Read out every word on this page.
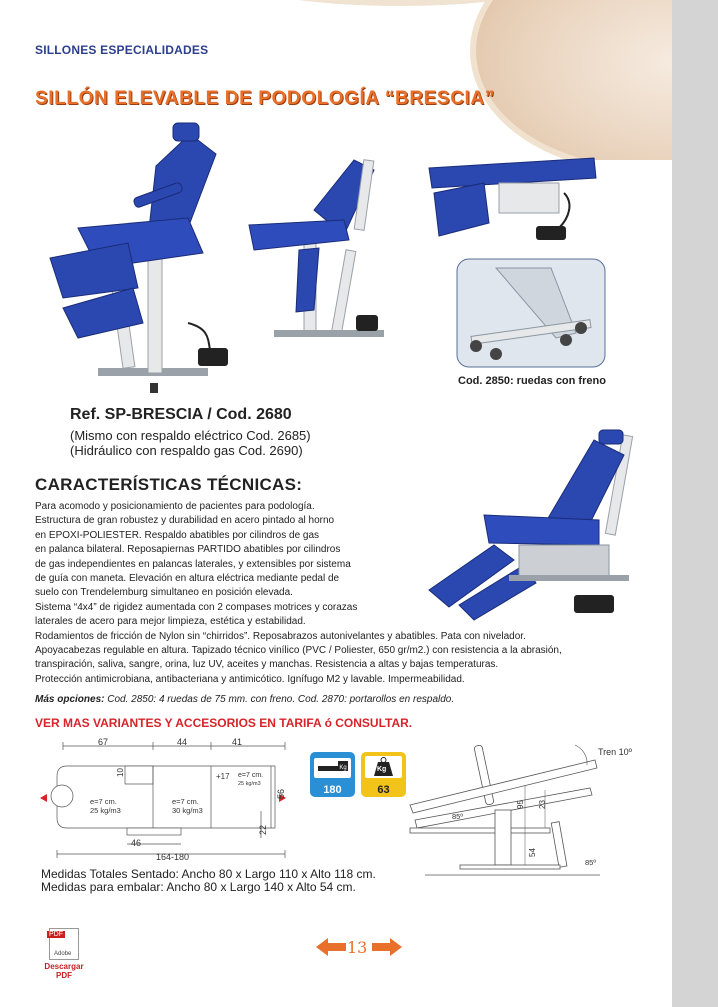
SILLONES ESPECIALIDADES
SILLÓN ELEVABLE DE PODOLOGÍA “BRESCIA”
Cod. 2850: ruedas con freno
Ref. SP-BRESCIA / Cod. 2680
(Mismo con respaldo eléctrico Cod. 2685)
(Hidráulico con respaldo gas Cod. 2690)
CARACTERÍSTICAS TÉCNICAS:
Para acomodo y posicionamiento de pacientes para podología.
Estructura de gran robustez y durabilidad en acero pintado al horno
en EPOXI-POLIESTER. Respaldo abatibles por cilindros de gas
en palanca bilateral. Reposapiernas PARTIDO abatibles por cilindros
de gas independientes en palancas laterales, y extensibles por sistema
de guía con maneta. Elevación en altura eléctrica mediante pedal de
suelo con Trendelemburg simultaneo en posición elevada.
Sistema “4x4” de rigidez aumentada con 2 compases motrices y corazas
laterales de acero para mejor limpieza, estética y estabilidad.
Rodamientos de fricción de Nylon sin “chirridos”. Reposabrazos autonivelantes y abatibles. Pata con nivelador.
Apoyacabezas regulable en altura. Tapizado técnico vinílico (PVC / Poliester, 650 gr/m2.) con resistencia a la abrasión,
transpiración, saliva, sangre, orina, luz UV, aceites y manchas. Resistencia a altas y bajas temperaturas.
Protección antimicrobiana, antibacteriana y antimicótico. Ignífugo M2 y lavable. Impermeabilidad.
Más opciones: Cod. 2850: 4 ruedas de 75 mm. con freno. Cod. 2870: portarollos en respaldo.
VER MAS VARIANTES Y ACCESORIOS EN TARIFA ó CONSULTAR.
67	44	41
10	+17
56
22
46
164-180
e=7 cm.
25 kg/m3
e=7 cm.
30 kg/m3
e=7 cm.
25 kg/m3
Kg
180
Kg
63
Tren 10º
85º
85º
95 23
54
Medidas Totales Sentado: Ancho 80 x Largo 110 x Alto 118 cm.
Medidas para embalar: Ancho 80 x Largo 140 x Alto 54 cm.
PDF
Adobe
Descargar PDF
13
